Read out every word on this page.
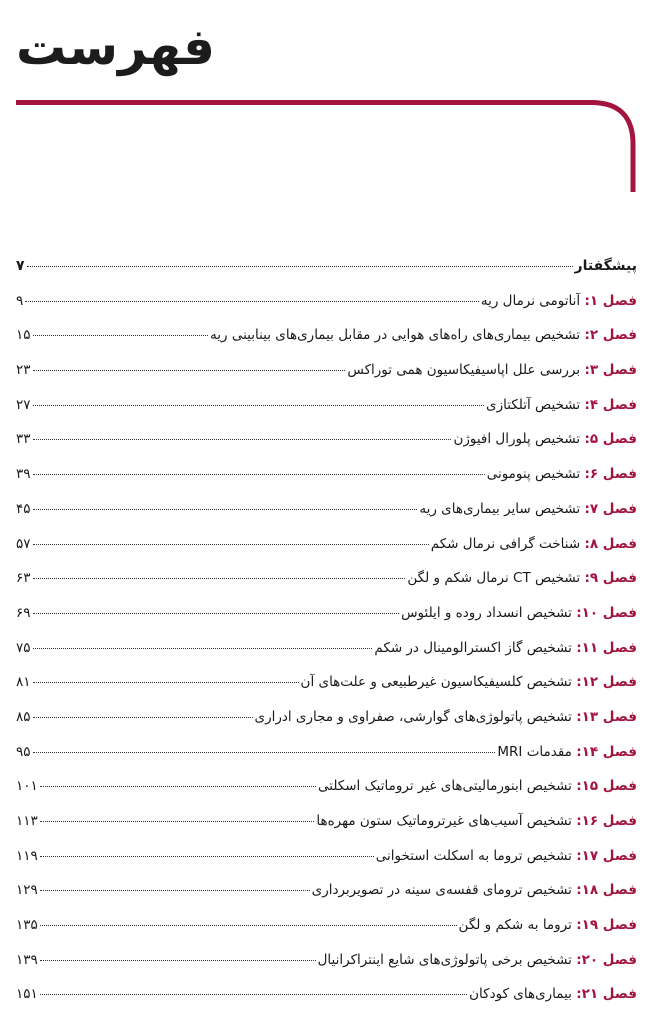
فهرست
پیشگفتار
۷
فصل ۱: آناتومی نرمال ریه
۹
فصل ۲: تشخیص بیماری‌های راه‌های هوایی در مقابل بیماری‌های بینابینی ریه
۱۵
فصل ۳: بررسی علل اپاسیفیکاسیون همی توراکس
۲۳
فصل ۴: تشخیص آتلکتازی
۲۷
فصل ۵: تشخیص پلورال افیوژن
۳۳
فصل ۶: تشخیص پنومونی
۳۹
فصل ۷: تشخیص سایر بیماری‌های ریه
۴۵
فصل ۸: شناخت گرافی نرمال شکم
۵۷
فصل ۹: تشخیص CT نرمال شکم و لگن
۶۳
فصل ۱۰: تشخیص انسداد روده و ایلئوس
۶۹
فصل ۱۱: تشخیص گاز اکسترالومینال در شکم
۷۵
فصل ۱۲: تشخیص کلسیفیکاسیون غیرطبیعی و علت‌های آن
۸۱
فصل ۱۳: تشخیص پاتولوژی‌های گوارشی، صفراوی و مجاری ادراری
۸۵
فصل ۱۴: مقدمات MRI
۹۵
فصل ۱۵: تشخیص ابنورمالیتی‌های غیر تروماتیک اسکلتی
۱۰۱
فصل ۱۶: تشخیص آسیب‌های غیرتروماتیک ستون مهره‌ها
۱۱۳
فصل ۱۷: تشخیص تروما به اسکلت استخوانی
۱۱۹
فصل ۱۸: تشخیص ترومای قفسه‌ی سینه در تصویربرداری
۱۲۹
فصل ۱۹: تروما به شکم و لگن
۱۳۵
فصل ۲۰: تشخیص برخی پاتولوژی‌های شایع اینتراکرانیال
۱۳۹
فصل ۲۱: بیماری‌های کودکان
۱۵۱
